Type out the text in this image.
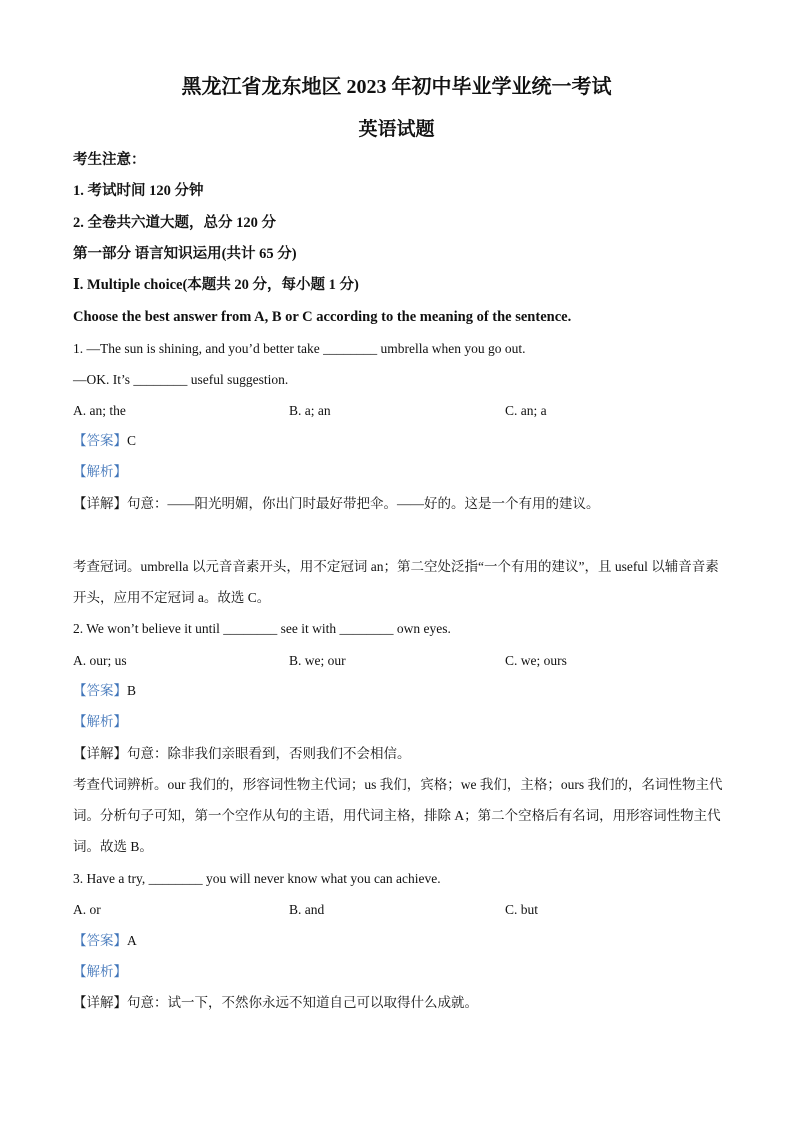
黑龙江省龙东地区 2023 年初中毕业学业统一考试
英语试题
考生注意：
1. 考试时间 120 分钟
2. 全卷共六道大题，总分 120 分
第一部分 语言知识运用(共计 65 分)
Ⅰ. Multiple choice(本题共 20 分，每小题 1 分)
Choose the best answer from A, B or C according to the meaning of the sentence.
1. —The sun is shining, and you’d better take ________ umbrella when you go out.
—OK. It’s ________ useful suggestion.
A. an; the	B. a; an	C. an; a
【答案】C
【解析】
【详解】句意：——阳光明媚，你出门时最好带把伞。——好的。这是一个有用的建议。
考查冠词。umbrella 以元音音素开头，用不定冠词 an；第二空处泛指“一个有用的建议”，且 useful 以辅音音素开头，应用不定冠词 a。故选 C。
2. We won’t believe it until ________ see it with ________ own eyes.
A. our; us	B. we; our	C. we; ours
【答案】B
【解析】
【详解】句意：除非我们亲眼看到，否则我们不会相信。
考查代词辨析。our 我们的，形容词性物主代词；us 我们，宾格；we 我们，主格；ours 我们的，名词性物主代词。分析句子可知，第一个空作从句的主语，用代词主格，排除 A；第二个空格后有名词，用形容词性物主代词。故选 B。
3. Have a try, ________ you will never know what you can achieve.
A. or	B. and	C. but
【答案】A
【解析】
【详解】句意：试一下，不然你永远不知道自己可以取得什么成就。
